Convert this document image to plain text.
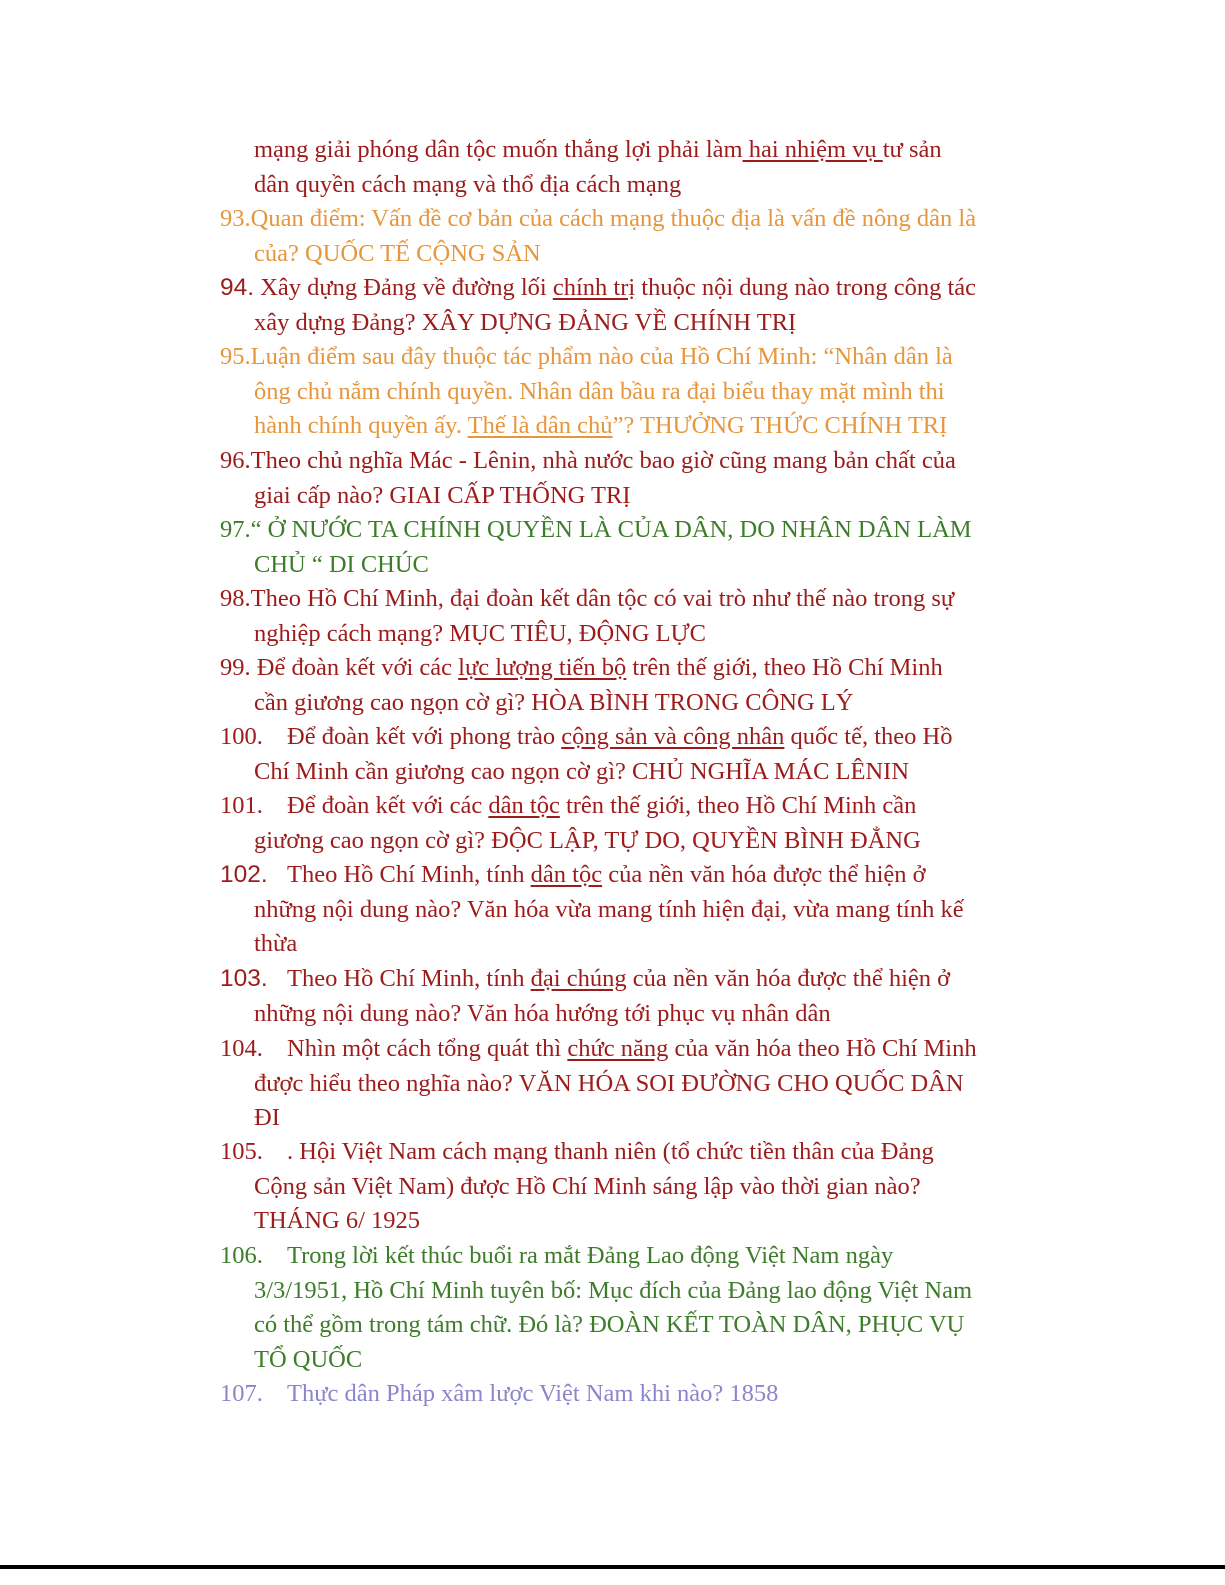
mạng giải phóng dân tộc muốn thắng lợi phải làm hai nhiệm vụ tư sản
dân quyền cách mạng và thổ địa cách mạng
93.Quan điểm: Vấn đề cơ bản của cách mạng thuộc địa là vấn đề nông dân là
của? QUỐC TẾ CỘNG SẢN
94. Xây dựng Đảng về đường lối chính trị thuộc nội dung nào trong công tác
xây dựng Đảng? XÂY DỰNG ĐẢNG VỀ CHÍNH TRỊ
95.Luận điểm sau đây thuộc tác phẩm nào của Hồ Chí Minh: “Nhân dân là
ông chủ nắm chính quyền. Nhân dân bầu ra đại biểu thay mặt mình thi
hành chính quyền ấy. Thế là dân chủ”? THƯỞNG THỨC CHÍNH TRỊ
96.Theo chủ nghĩa Mác - Lênin, nhà nước bao giờ cũng mang bản chất của
giai cấp nào? GIAI CẤP THỐNG TRỊ
97.“ Ở NƯỚC TA CHÍNH QUYỀN LÀ CỦA DÂN, DO NHÂN DÂN LÀM
CHỦ “ DI CHÚC
98.Theo Hồ Chí Minh, đại đoàn kết dân tộc có vai trò như thế nào trong sự
nghiệp cách mạng? MỤC TIÊU, ĐỘNG LỰC
99. Để đoàn kết với các lực lượng tiến bộ trên thế giới, theo Hồ Chí Minh
cần giương cao ngọn cờ gì? HÒA BÌNH TRONG CÔNG LÝ
100. Để đoàn kết với phong trào cộng sản và công nhân quốc tế, theo Hồ
Chí Minh cần giương cao ngọn cờ gì? CHỦ NGHĨA MÁC LÊNIN
101. Để đoàn kết với các dân tộc trên thế giới, theo Hồ Chí Minh cần
giương cao ngọn cờ gì? ĐỘC LẬP, TỰ DO, QUYỀN BÌNH ĐẲNG
102. Theo Hồ Chí Minh, tính dân tộc của nền văn hóa được thể hiện ở
những nội dung nào? Văn hóa vừa mang tính hiện đại, vừa mang tính kế
thừa
103. Theo Hồ Chí Minh, tính đại chúng của nền văn hóa được thể hiện ở
những nội dung nào? Văn hóa hướng tới phục vụ nhân dân
104. Nhìn một cách tổng quát thì chức năng của văn hóa theo Hồ Chí Minh
được hiểu theo nghĩa nào? VĂN HÓA SOI ĐƯỜNG CHO QUỐC DÂN
ĐI
105. . Hội Việt Nam cách mạng thanh niên (tổ chức tiền thân của Đảng
Cộng sản Việt Nam) được Hồ Chí Minh sáng lập vào thời gian nào?
THÁNG 6/ 1925
106. Trong lời kết thúc buổi ra mắt Đảng Lao động Việt Nam ngày
3/3/1951, Hồ Chí Minh tuyên bố: Mục đích của Đảng lao động Việt Nam
có thể gồm trong tám chữ. Đó là? ĐOÀN KẾT TOÀN DÂN, PHỤC VỤ
TỔ QUỐC
107. Thực dân Pháp xâm lược Việt Nam khi nào? 1858
